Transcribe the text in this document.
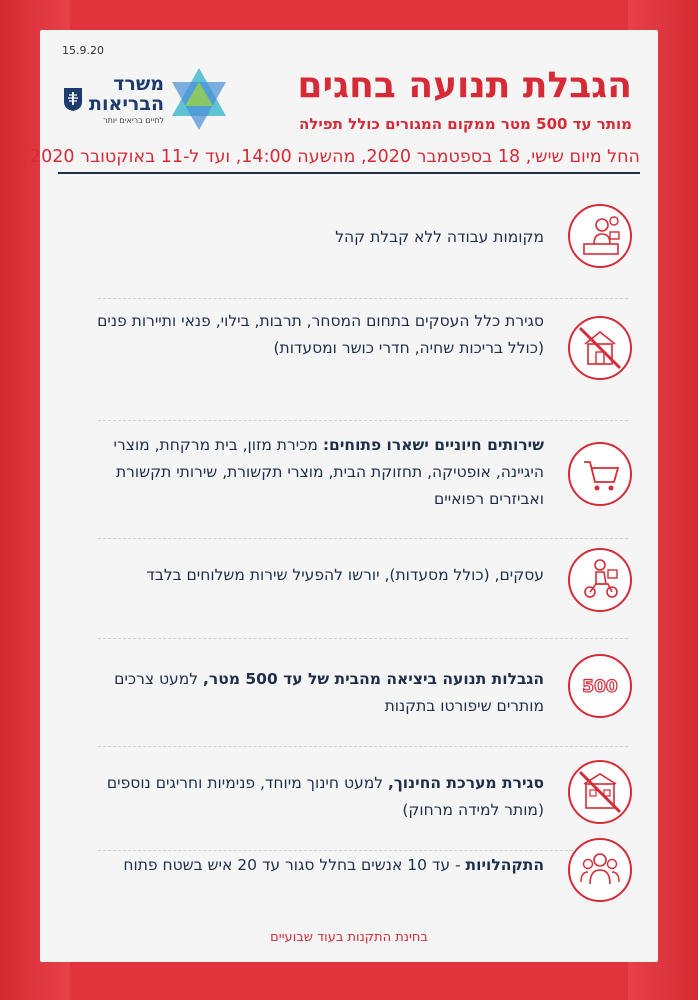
15.9.20
משרד
הבריאות
לחיים בריאים יותר
הגבלת תנועה בחגים
מותר עד 500 מטר ממקום המגורים כולל תפילה
החל מיום שישי, 18 בספטמבר 2020, מהשעה 14:00, ועד ל-11 באוקטובר 2020
מקומות עבודה ללא קבלת קהל
סגירת כלל העסקים בתחום המסחר, תרבות, בילוי, פנאי ותיירות פנים (כולל בריכות שחיה, חדרי כושר ומסעדות)
שירותים חיוניים ישארו פתוחים: מכירת מזון, בית מרקחת, מוצרי היגיינה, אופטיקה, תחזוקת הבית, מוצרי תקשורת, שירותי תקשורת ואביזרים רפואיים
עסקים, (כולל מסעדות), יורשו להפעיל שירות משלוחים בלבד
500
הגבלות תנועה ביציאה מהבית של עד 500 מטר, למעט צרכים מותרים שיפורטו בתקנות
סגירת מערכת החינוך, למעט חינוך מיוחד, פנימיות וחריגים נוספים (מותר למידה מרחוק)
התקהלויות - עד 10 אנשים בחלל סגור עד 20 איש בשטח פתוח
בחינת התקנות בעוד שבועיים
